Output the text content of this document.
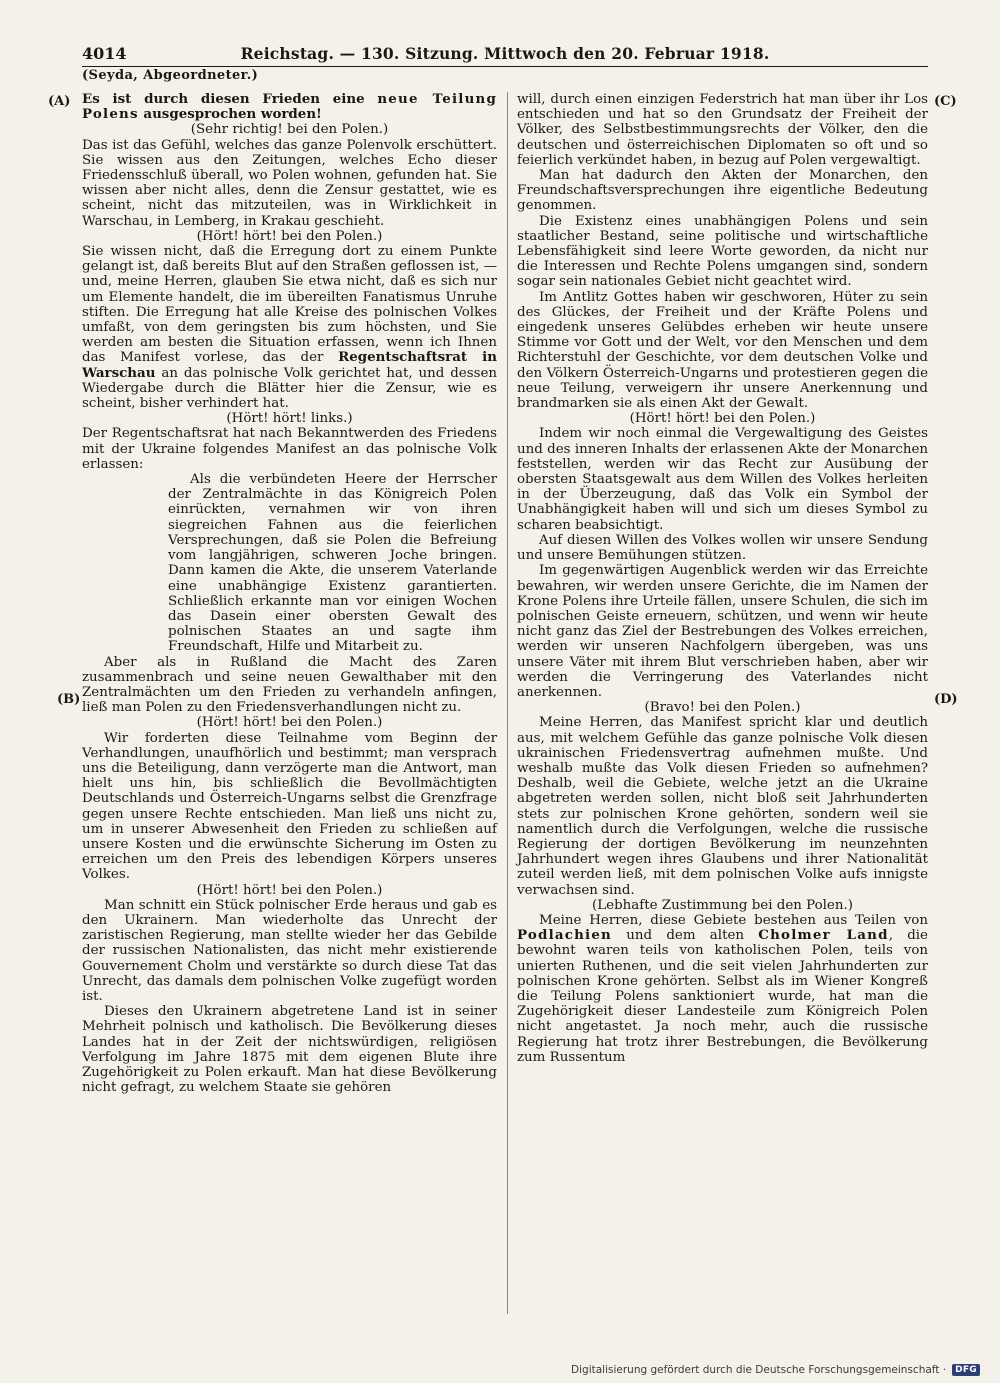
4014	Reichstag. — 130. Sitzung. Mittwoch den 20. Februar 1918.
(Seyda, Abgeordneter.)
(A)
(B)
(C)
(D)

Es ist durch diesen Frieden eine neue Teilung Polens ausgesprochen worden!

(Sehr richtig! bei den Polen.)

Das ist das Gefühl, welches das ganze Polenvolk erschüttert. Sie wissen aus den Zeitungen, welches Echo dieser Friedensschluß überall, wo Polen wohnen, gefunden hat. Sie wissen aber nicht alles, denn die Zensur gestattet, wie es scheint, nicht das mitzuteilen, was in Wirklichkeit in Warschau, in Lemberg, in Krakau geschieht.

(Hört! hört! bei den Polen.)

Sie wissen nicht, daß die Erregung dort zu einem Punkte gelangt ist, daß bereits Blut auf den Straßen geflossen ist, — und, meine Herren, glauben Sie etwa nicht, daß es sich nur um Elemente handelt, die im übereilten Fanatismus Unruhe stiften. Die Erregung hat alle Kreise des polnischen Volkes umfaßt, von dem geringsten bis zum höchsten, und Sie werden am besten die Situation erfassen, wenn ich Ihnen das Manifest vorlese, das der Regentschaftsrat in Warschau an das polnische Volk gerichtet hat, und dessen Wiedergabe durch die Blätter hier die Zensur, wie es scheint, bisher verhindert hat.

(Hört! hört! links.)

Der Regentschaftsrat hat nach Bekanntwerden des Friedens mit der Ukraine folgendes Manifest an das polnische Volk erlassen:

Als die verbündeten Heere der Herrscher der Zentralmächte in das Königreich Polen einrückten, vernahmen wir von ihren siegreichen Fahnen aus die feierlichen Versprechungen, daß sie Polen die Befreiung vom langjährigen, schweren Joche bringen. Dann kamen die Akte, die unserem Vaterlande eine unabhängige Existenz garantierten. Schließlich erkannte man vor einigen Wochen das Dasein einer obersten Gewalt des polnischen Staates an und sagte ihm Freundschaft, Hilfe und Mitarbeit zu.

Aber als in Rußland die Macht des Zaren zusammenbrach und seine neuen Gewalthaber mit den Zentralmächten um den Frieden zu verhandeln anfingen, ließ man Polen zu den Friedensverhandlungen nicht zu.

(Hört! hört! bei den Polen.)

Wir forderten diese Teilnahme vom Beginn der Verhandlungen, unaufhörlich und bestimmt; man versprach uns die Beteiligung, dann verzögerte man die Antwort, man hielt uns hin, bis schließlich die Bevollmächtigten Deutschlands und Österreich-Ungarns selbst die Grenzfrage gegen unsere Rechte entschieden. Man ließ uns nicht zu, um in unserer Abwesenheit den Frieden zu schließen auf unsere Kosten und die erwünschte Sicherung im Osten zu erreichen um den Preis des lebendigen Körpers unseres Volkes.

(Hört! hört! bei den Polen.)

Man schnitt ein Stück polnischer Erde heraus und gab es den Ukrainern. Man wiederholte das Unrecht der zaristischen Regierung, man stellte wieder her das Gebilde der russischen Nationalisten, das nicht mehr existierende Gouvernement Cholm und verstärkte so durch diese Tat das Unrecht, das damals dem polnischen Volke zugefügt worden ist.

Dieses den Ukrainern abgetretene Land ist in seiner Mehrheit polnisch und katholisch. Die Bevölkerung dieses Landes hat in der Zeit der nichtswürdigen, religiösen Verfolgung im Jahre 1875 mit dem eigenen Blute ihre Zugehörigkeit zu Polen erkauft. Man hat diese Bevölkerung nicht gefragt, zu welchem Staate sie gehören

will, durch einen einzigen Federstrich hat man über ihr Los entschieden und hat so den Grundsatz der Freiheit der Völker, des Selbstbestimmungsrechts der Völker, den die deutschen und österreichischen Diplomaten so oft und so feierlich verkündet haben, in bezug auf Polen vergewaltigt.

Man hat dadurch den Akten der Monarchen, den Freundschaftsversprechungen ihre eigentliche Bedeutung genommen.

Die Existenz eines unabhängigen Polens und sein staatlicher Bestand, seine politische und wirtschaftliche Lebensfähigkeit sind leere Worte geworden, da nicht nur die Interessen und Rechte Polens umgangen sind, sondern sogar sein nationales Gebiet nicht geachtet wird.

Im Antlitz Gottes haben wir geschworen, Hüter zu sein des Glückes, der Freiheit und der Kräfte Polens und eingedenk unseres Gelübdes erheben wir heute unsere Stimme vor Gott und der Welt, vor den Menschen und dem Richterstuhl der Geschichte, vor dem deutschen Volke und den Völkern Österreich-Ungarns und protestieren gegen die neue Teilung, verweigern ihr unsere Anerkennung und brandmarken sie als einen Akt der Gewalt.

(Hört! hört! bei den Polen.)

Indem wir noch einmal die Vergewaltigung des Geistes und des inneren Inhalts der erlassenen Akte der Monarchen feststellen, werden wir das Recht zur Ausübung der obersten Staatsgewalt aus dem Willen des Volkes herleiten in der Überzeugung, daß das Volk ein Symbol der Unabhängigkeit haben will und sich um dieses Symbol zu scharen beabsichtigt.

Auf diesen Willen des Volkes wollen wir unsere Sendung und unsere Bemühungen stützen.

Im gegenwärtigen Augenblick werden wir das Erreichte bewahren, wir werden unsere Gerichte, die im Namen der Krone Polens ihre Urteile fällen, unsere Schulen, die sich im polnischen Geiste erneuern, schützen, und wenn wir heute nicht ganz das Ziel der Bestrebungen des Volkes erreichen, werden wir unseren Nachfolgern übergeben, was uns unsere Väter mit ihrem Blut verschrieben haben, aber wir werden die Verringerung des Vaterlandes nicht anerkennen.

(Bravo! bei den Polen.)

Meine Herren, das Manifest spricht klar und deutlich aus, mit welchem Gefühle das ganze polnische Volk diesen ukrainischen Friedensvertrag aufnehmen mußte. Und weshalb mußte das Volk diesen Frieden so aufnehmen? Deshalb, weil die Gebiete, welche jetzt an die Ukraine abgetreten werden sollen, nicht bloß seit Jahrhunderten stets zur polnischen Krone gehörten, sondern weil sie namentlich durch die Verfolgungen, welche die russische Regierung der dortigen Bevölkerung im neunzehnten Jahrhundert wegen ihres Glaubens und ihrer Nationalität zuteil werden ließ, mit dem polnischen Volke aufs innigste verwachsen sind.

(Lebhafte Zustimmung bei den Polen.)

Meine Herren, diese Gebiete bestehen aus Teilen von Podlachien und dem alten Cholmer Land, die bewohnt waren teils von katholischen Polen, teils von unierten Ruthenen, und die seit vielen Jahrhunderten zur polnischen Krone gehörten. Selbst als im Wiener Kongreß die Teilung Polens sanktioniert wurde, hat man die Zugehörigkeit dieser Landesteile zum Königreich Polen nicht angetastet. Ja noch mehr, auch die russische Regierung hat trotz ihrer Bestrebungen, die Bevölkerung zum Russentum

Digitalisierung gefördert durch die Deutsche Forschungsgemeinschaft ·	DFG
